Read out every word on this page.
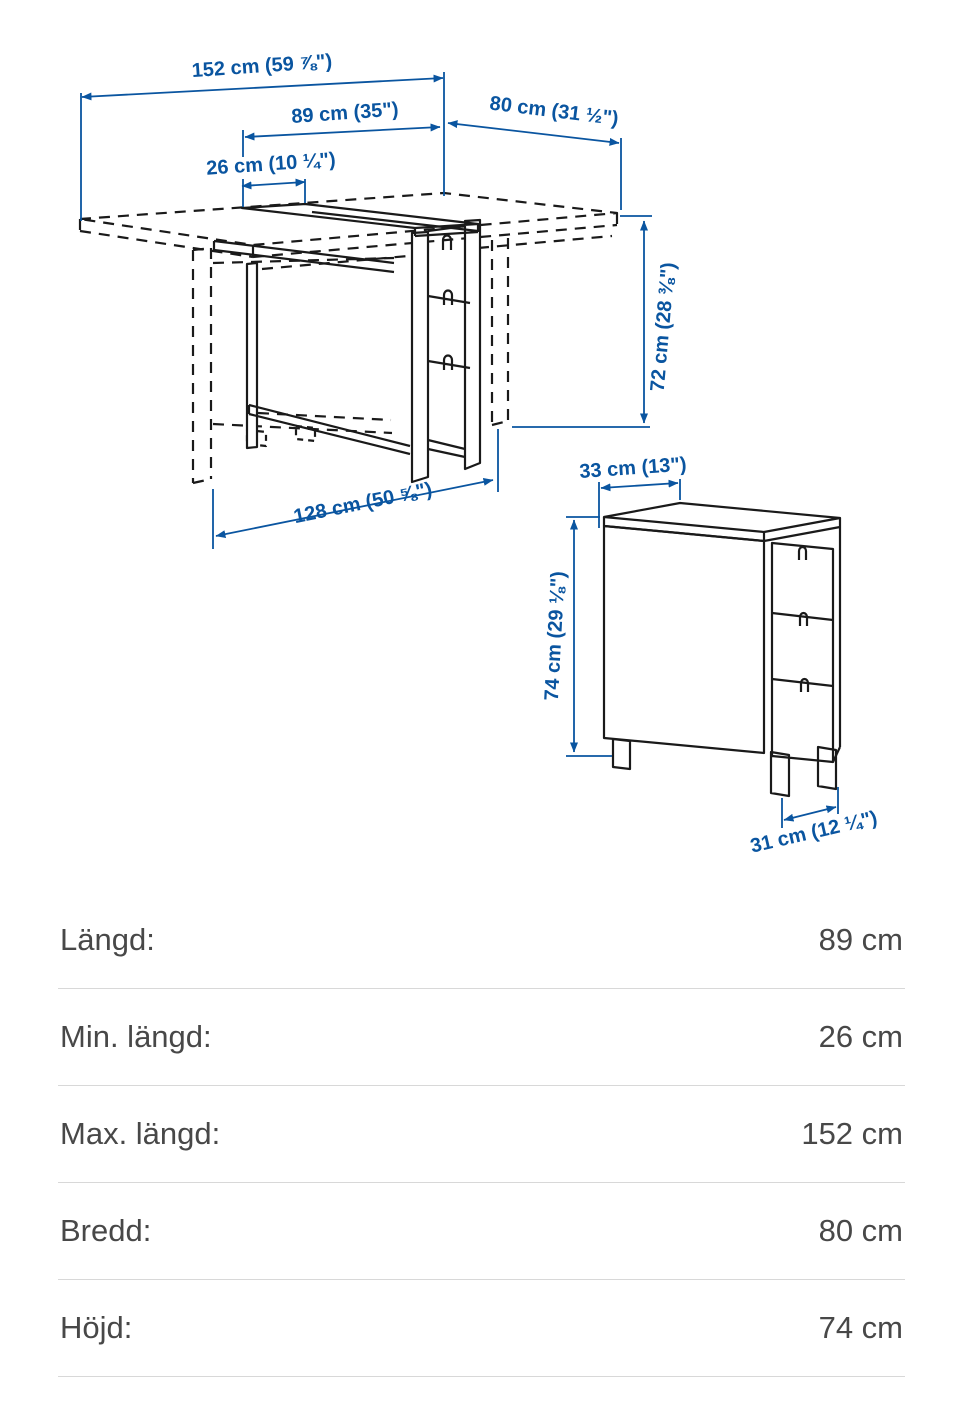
152 cm (59 ⅞")
89 cm (35")
26 cm (10 ¼")
80 cm (31 ½")
72 cm (28 ⅜")
128 cm (50 ⅝")
33 cm (13")
74 cm (29 ⅛")
31 cm (12 ¼")
Längd:	89 cm
Min. längd:	26 cm
Max. längd:	152 cm
Bredd:	80 cm
Höjd:	74 cm
